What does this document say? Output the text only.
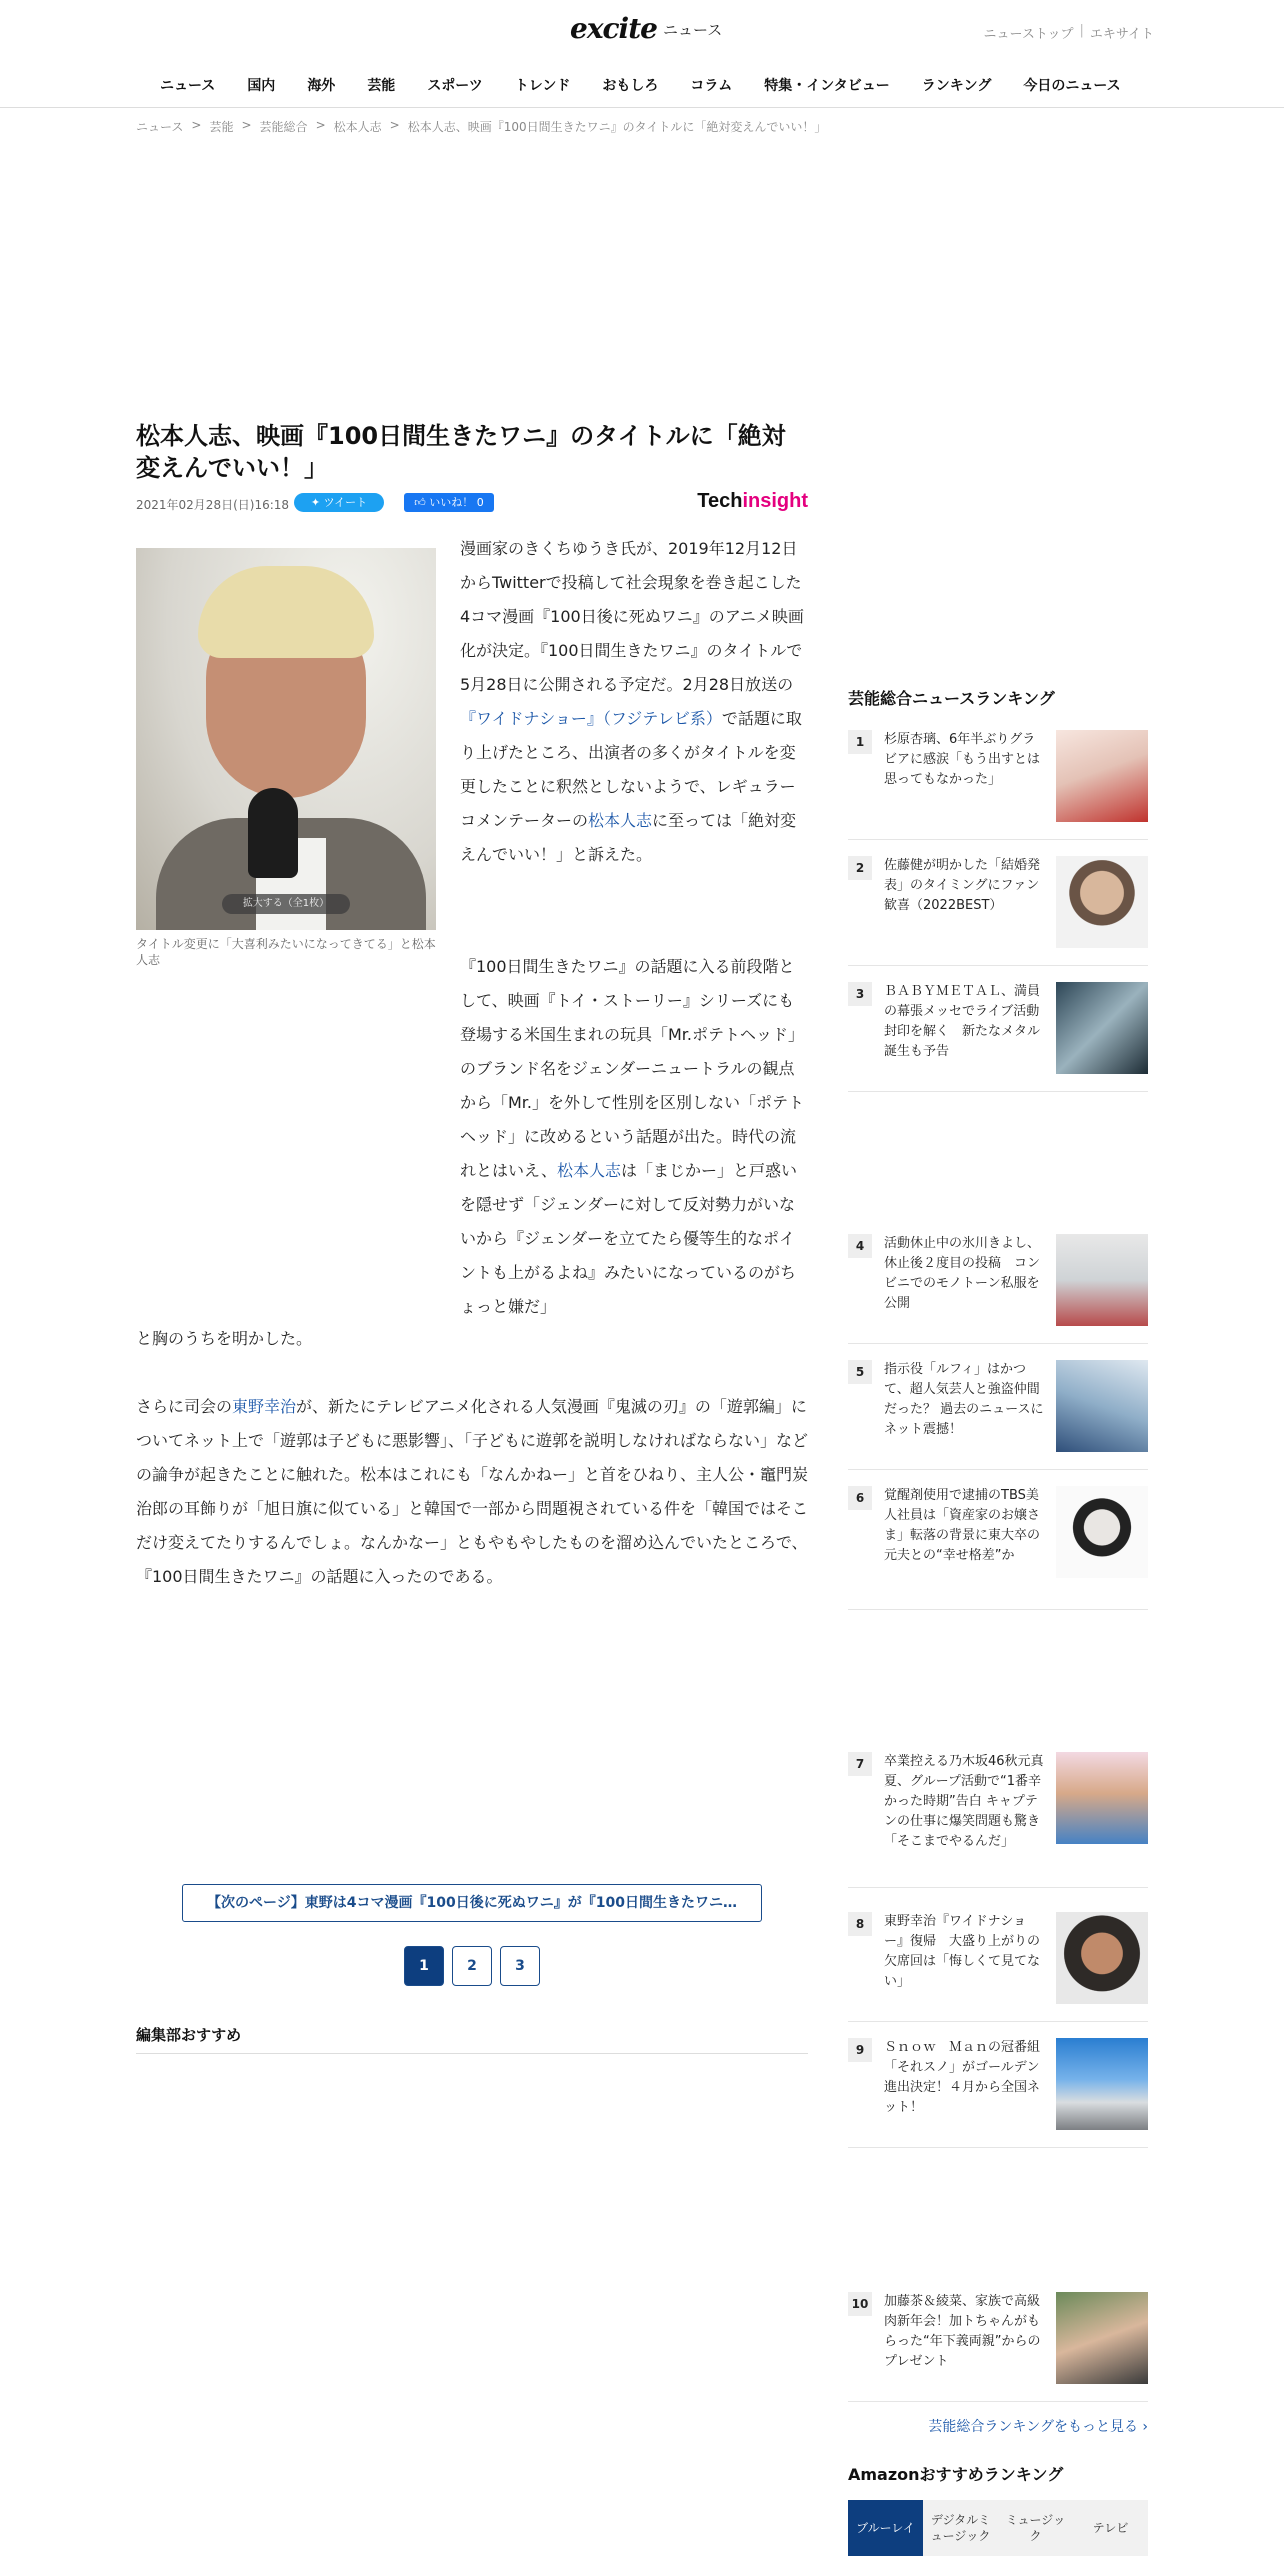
excite ニュース	ニューストップ | エキサイト
ニュース	国内	海外	芸能	スポーツ	トレンド	おもしろ	コラム	特集・インタビュー	ランキング	今日のニュース
ニュース > 芸能 > 芸能総合 > 松本人志 > 松本人志、映画『100日間生きたワニ』のタイトルに「絶対変えんでいい！」
松本人志、映画『100日間生きたワニ』のタイトルに「絶対変えんでいい！」
2021年02月28日(日)16:18	✦ ツイート	👍︎ いいね！ 0	Techinsight
拡大する（全1枚）
タイトル変更に「大喜利みたいになってきてる」と松本人志

漫画家のきくちゆうき氏が、2019年12月12日からTwitterで投稿して社会現象を巻き起こした4コマ漫画『100日後に死ぬワニ』のアニメ映画化が決定。『100日間生きたワニ』のタイトルで5月28日に公開される予定だ。2月28日放送の『ワイドナショー』（フジテレビ系）で話題に取り上げたところ、出演者の多くがタイトルを変更したことに釈然としないようで、レギュラーコメンテーターの松本人志に至っては「絶対変えんでいい！」と訴えた。

『100日間生きたワニ』の話題に入る前段階として、映画『トイ・ストーリー』シリーズにも登場する米国生まれの玩具「Mr.ポテトヘッド」のブランド名をジェンダーニュートラルの観点から「Mr.」を外して性別を区別しない「ポテトヘッド」に改めるという話題が出た。時代の流れとはいえ、松本人志は「まじかー」と戸惑いを隠せず「ジェンダーに対して反対勢力がいないから『ジェンダーを立てたら優等生的なポイントも上がるよね』みたいになっているのがちょっと嫌だ」

と胸のうちを明かした。

さらに司会の東野幸治が、新たにテレビアニメ化される人気漫画『鬼滅の刃』の「遊郭編」についてネット上で「遊郭は子どもに悪影響」、「子どもに遊郭を説明しなければならない」などの論争が起きたことに触れた。松本はこれにも「なんかねー」と首をひねり、主人公・竈門炭治郎の耳飾りが「旭日旗に似ている」と韓国で一部から問題視されている件を「韓国ではそこだけ変えてたりするんでしょ。なんかなー」ともやもやしたものを溜め込んでいたところで、『100日間生きたワニ』の話題に入ったのである。

【次のページ】東野は4コマ漫画『100日後に死ぬワニ』が『100日間生きたワニ…
1	2	3
編集部おすすめ
芸能総合ニュースランキング
1	杉原杏璃、6年半ぶりグラビアに感涙「もう出すとは思ってもなかった」
2	佐藤健が明かした「結婚発表」のタイミングにファン歓喜（2022BEST）
3	ＢＡＢＹＭＥＴＡＬ、満員の幕張メッセでライブ活動封印を解く　新たなメタル誕生も予告
4	活動休止中の氷川きよし、休止後２度目の投稿　コンビニでのモノトーン私服を公開
5	指示役「ルフィ」はかつて、超人気芸人と強盗仲間だった？ 過去のニュースにネット震撼！
6	覚醒剤使用で逮捕のTBS美人社員は「資産家のお嬢さま」転落の背景に東大卒の元夫との“幸せ格差”か
7	卒業控える乃木坂46秋元真夏、グループ活動で“1番辛かった時期”告白 キャプテンの仕事に爆笑問題も驚き「そこまでやるんだ」
8	東野幸治『ワイドナショー』復帰　大盛り上がりの欠席回は「悔しくて見てない」
9	Ｓｎｏｗ　Ｍａｎの冠番組「それスノ」がゴールデン進出決定！４月から全国ネット！
10 加藤茶＆綾菜、家族で高級肉新年会！加トちゃんがもらった“年下義両親”からのプレゼント
芸能総合ランキングをもっと見る ›
Amazonおすすめランキング
ブルーレイ
デジタルミュージック
ミュージック
テレビ
